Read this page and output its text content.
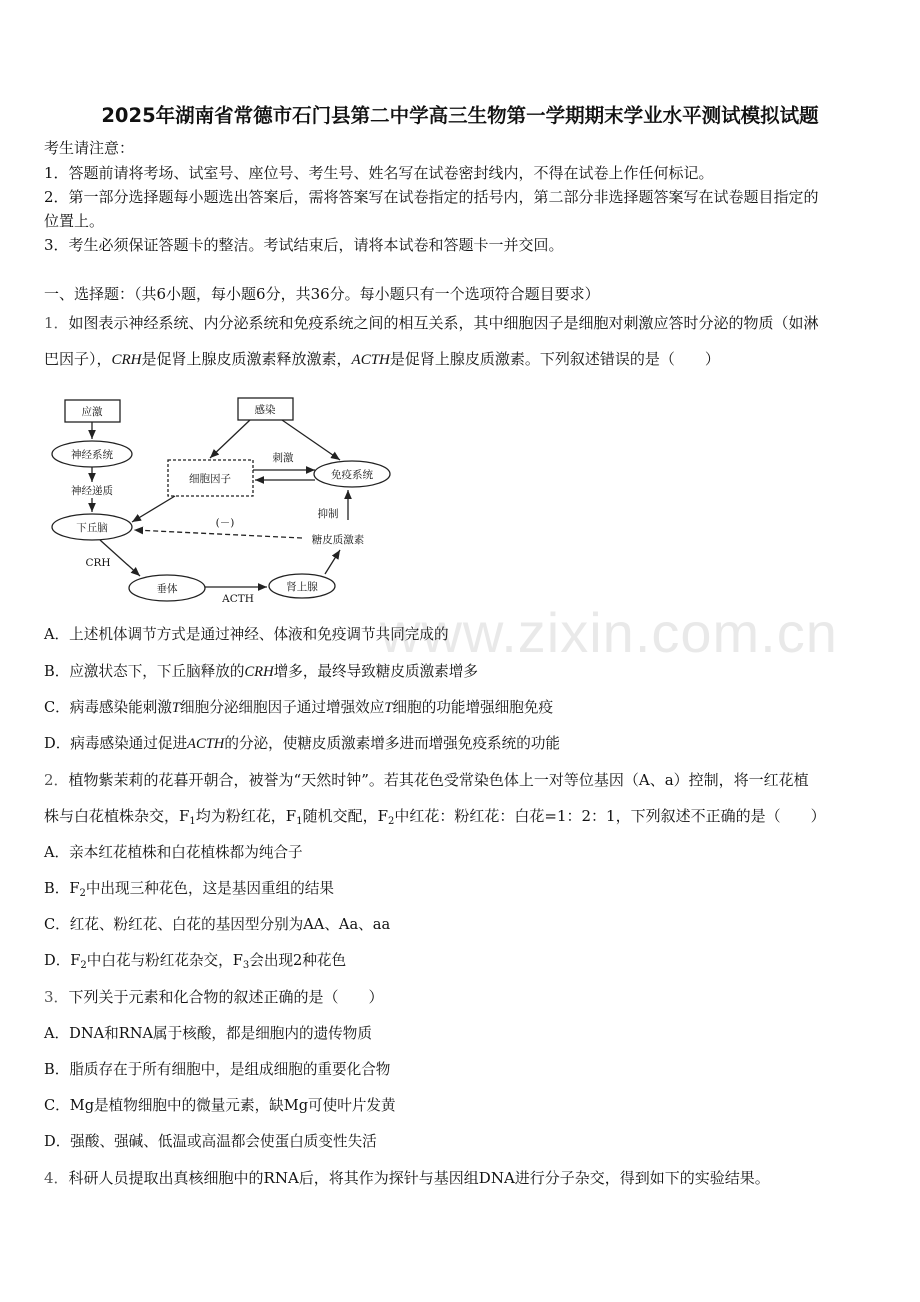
2025年湖南省常德市石门县第二中学高三生物第一学期期末学业水平测试模拟试题
考生请注意：
1．答题前请将考场、试室号、座位号、考生号、姓名写在试卷密封线内，不得在试卷上作任何标记。
2．第一部分选择题每小题选出答案后，需将答案写在试卷指定的括号内，第二部分非选择题答案写在试卷题目指定的
位置上。
3．考生必须保证答题卡的整洁。考试结束后，请将本试卷和答题卡一并交回。
一、选择题：（共6小题，每小题6分，共36分。每小题只有一个选项符合题目要求）
1．如图表示神经系统、内分泌系统和免疫系统之间的相互关系，其中细胞因子是细胞对刺激应答时分泌的物质（如淋
巴因子），CRH是促肾上腺皮质激素释放激素，ACTH是促肾上腺皮质激素。下列叙述错误的是（　　）
应激	感染
神经系统
细胞因子	免疫系统
神经递质
刺激
下丘脑
抑制
(－)
糖皮质激素
CRH
垂体	肾上腺
ACTH
www.zixin.com.cn
A．上述机体调节方式是通过神经、体液和免疫调节共同完成的
B．应激状态下，下丘脑释放的CRH增多，最终导致糖皮质激素增多
C．病毒感染能刺激T细胞分泌细胞因子通过增强效应T细胞的功能增强细胞免疫
D．病毒感染通过促进ACTH的分泌，使糖皮质激素增多进而增强免疫系统的功能
2．植物紫茉莉的花暮开朝合，被誉为“天然时钟”。若其花色受常染色体上一对等位基因（A、a）控制，将一红花植
株与白花植株杂交，$F_1$均为粉红花，$F_1$随机交配，$F_2$中红花：粉红花：白花=1：2：1，下列叙述不正确的是（　　）
A．亲本红花植株和白花植株都为纯合子
B．$F_2$中出现三种花色，这是基因重组的结果
C．红花、粉红花、白花的基因型分别为AA、Aa、aa
D．$F_2$中白花与粉红花杂交，$F_3$会出现2种花色
3．下列关于元素和化合物的叙述正确的是（　　）
A．DNA和RNA属于核酸，都是细胞内的遗传物质
B．脂质存在于所有细胞中，是组成细胞的重要化合物
C．Mg是植物细胞中的微量元素，缺Mg可使叶片发黄
D．强酸、强碱、低温或高温都会使蛋白质变性失活
4．科研人员提取出真核细胞中的RNA后，将其作为探针与基因组DNA进行分子杂交，得到如下的实验结果。
